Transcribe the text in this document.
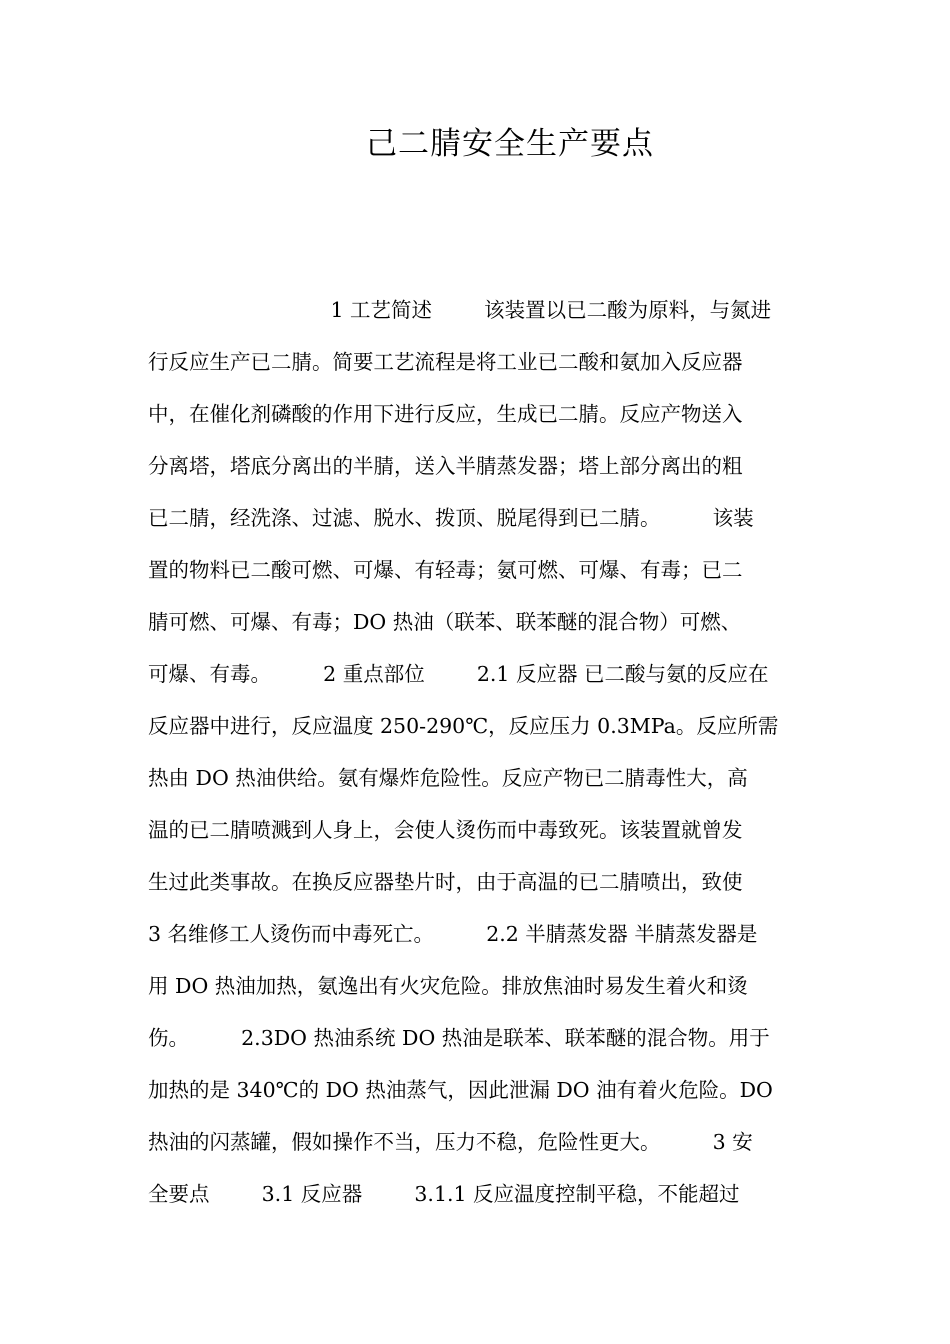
己二腈安全生产要点
1 工艺简述        该装置以已二酸为原料，与氮进
行反应生产已二腈。简要工艺流程是将工业已二酸和氨加入反应器
中，在催化剂磷酸的作用下进行反应，生成已二腈。反应产物送入
分离塔，塔底分离出的半腈，送入半腈蒸发器；塔上部分离出的粗
已二腈，经洗涤、过滤、脱水、拨顶、脱尾得到已二腈。        该装
置的物料已二酸可燃、可爆、有轻毒；氨可燃、可爆、有毒；已二
腈可燃、可爆、有毒；DO 热油（联苯、联苯醚的混合物）可燃、
可爆、有毒。        2 重点部位        2.1 反应器 已二酸与氨的反应在
反应器中进行，反应温度 250-290℃，反应压力 0.3MPa。反应所需
热由 DO 热油供给。氨有爆炸危险性。反应产物已二腈毒性大，高
温的已二腈喷溅到人身上，会使人烫伤而中毒致死。该装置就曾发
生过此类事故。在换反应器垫片时，由于高温的已二腈喷出，致使
3 名维修工人烫伤而中毒死亡。        2.2 半腈蒸发器 半腈蒸发器是
用 DO 热油加热，氨逸出有火灾危险。排放焦油时易发生着火和烫
伤。        2.3DO 热油系统 DO 热油是联苯、联苯醚的混合物。用于
加热的是 340℃的 DO 热油蒸气，因此泄漏 DO 油有着火危险。DO
热油的闪蒸罐，假如操作不当，压力不稳，危险性更大。        3 安
全要点        3.1 反应器        3.1.1 反应温度控制平稳，不能超过
